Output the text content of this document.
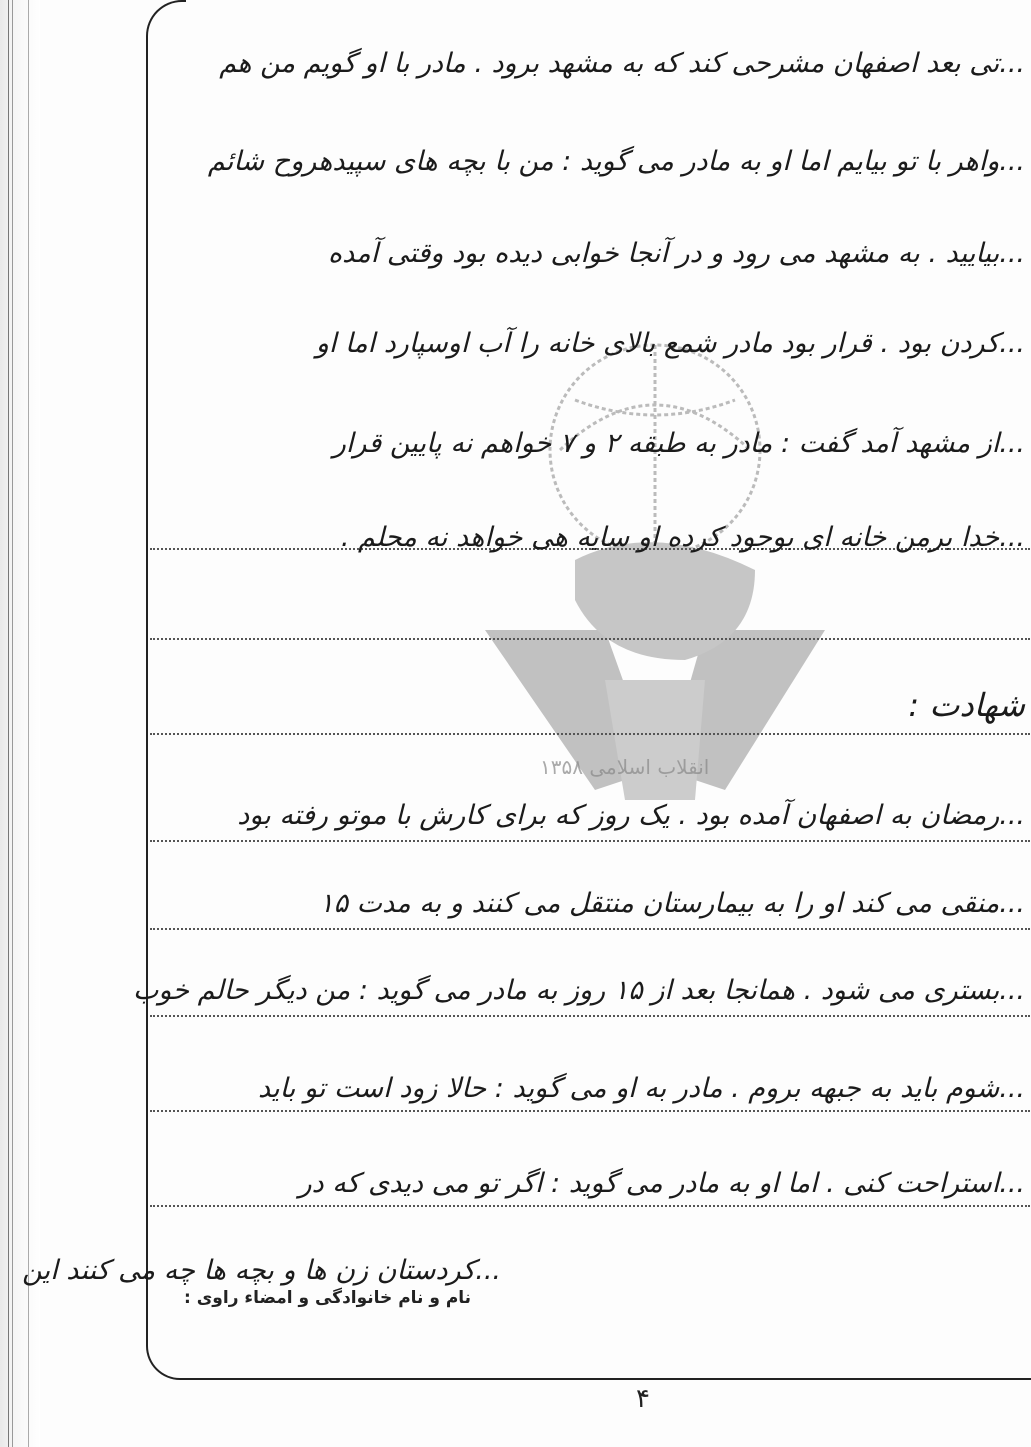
انقلاب اسلامی ۱۳۵۸
...تی بعد اصفهان مشرحی کند که به مشهد برود . مادر با او گویم من هم
...واهر با تو بیایم اما او به مادر می گوید : من با بچه های سپیدهروح شائم
...بیایید . به مشهد می رود و در آنجا خوابی دیده بود وقتی آمده
...کردن بود . قرار بود مادر شمع بالای خانه را آب اوسپارد اما او
...از مشهد آمد گفت : مادر به طبقه ۲ و ۷ خواهم نه پایین قرار
...خدا برمن خانه ای بوجود کرده او سایه هی خواهد نه محلم .
شهادت :
...رمضان به اصفهان آمده بود . یک روز که برای کارش با موتو رفته بود
...منقی می کند او را به بیمارستان منتقل می کنند و به مدت ۱۵
...بستری می شود . همانجا بعد از ۱۵ روز به مادر می گوید : من دیگر حالم خوب
...شوم باید به جبهه بروم . مادر به او می گوید : حالا زود است تو باید
...استراحت کنی . اما او به مادر می گوید : اگر تو می دیدی که در
...کردستان زن ها و بچه ها چه می کنند این
نام و نام خانوادگی و امضاء راوی :
۴
